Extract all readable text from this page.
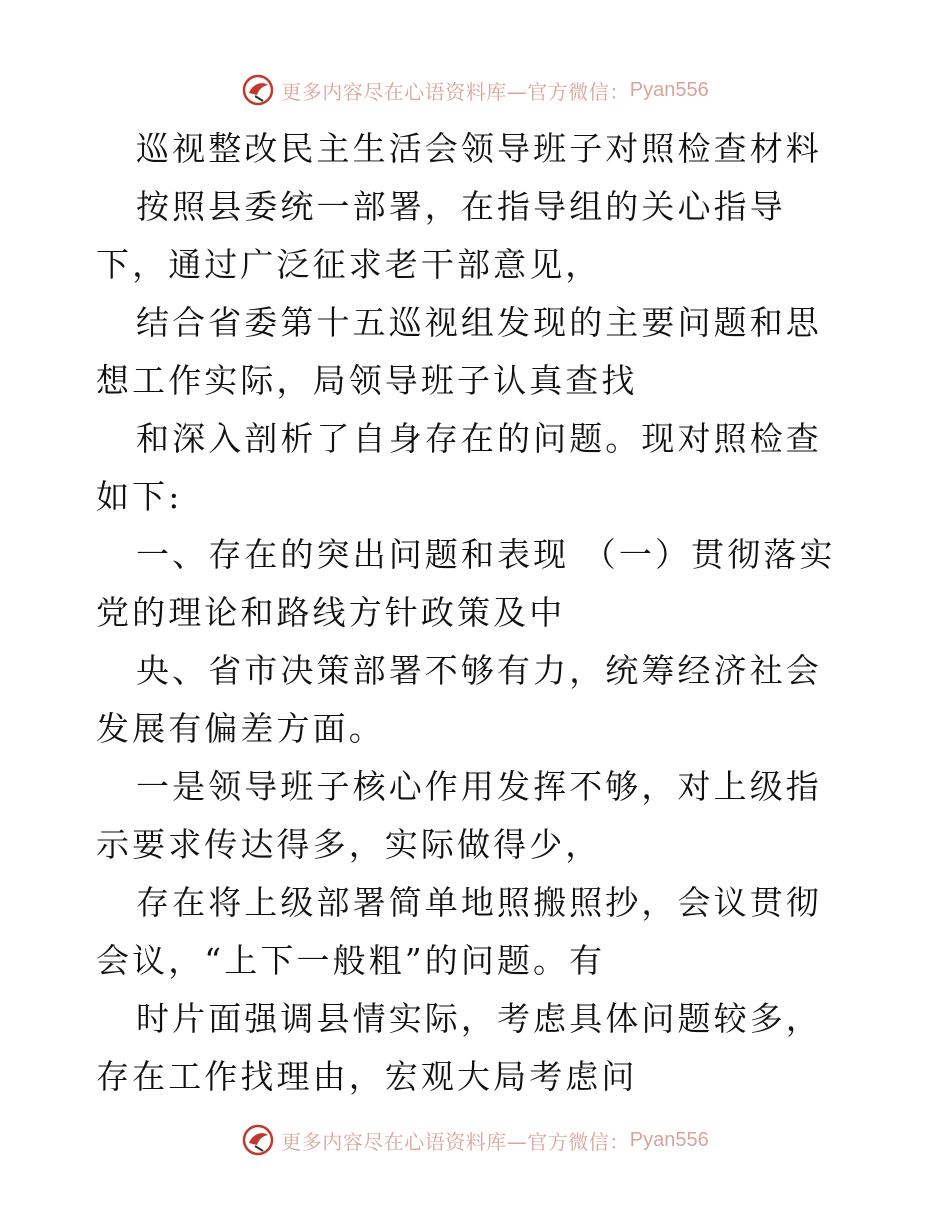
更多内容尽在心语资料库—官方微信： Pyan556

巡视整改民主生活会领导班子对照检查材料

按照县委统一部署，在指导组的关心指导下，通过广泛征求老干部意见，

结合省委第十五巡视组发现的主要问题和思想工作实际，局领导班子认真查找

和深入剖析了自身存在的问题。现对照检查如下:

一、存在的突出问题和表现 （一）贯彻落实党的理论和路线方针政策及中

央、省市决策部署不够有力，统筹经济社会发展有偏差方面。

一是领导班子核心作用发挥不够，对上级指示要求传达得多，实际做得少，

存在将上级部署简单地照搬照抄，会议贯彻会议，“上下一般粗”的问题。有

时片面强调县情实际，考虑具体问题较多，存在工作找理由，宏观大局考虑问

更多内容尽在心语资料库—官方微信： Pyan556
